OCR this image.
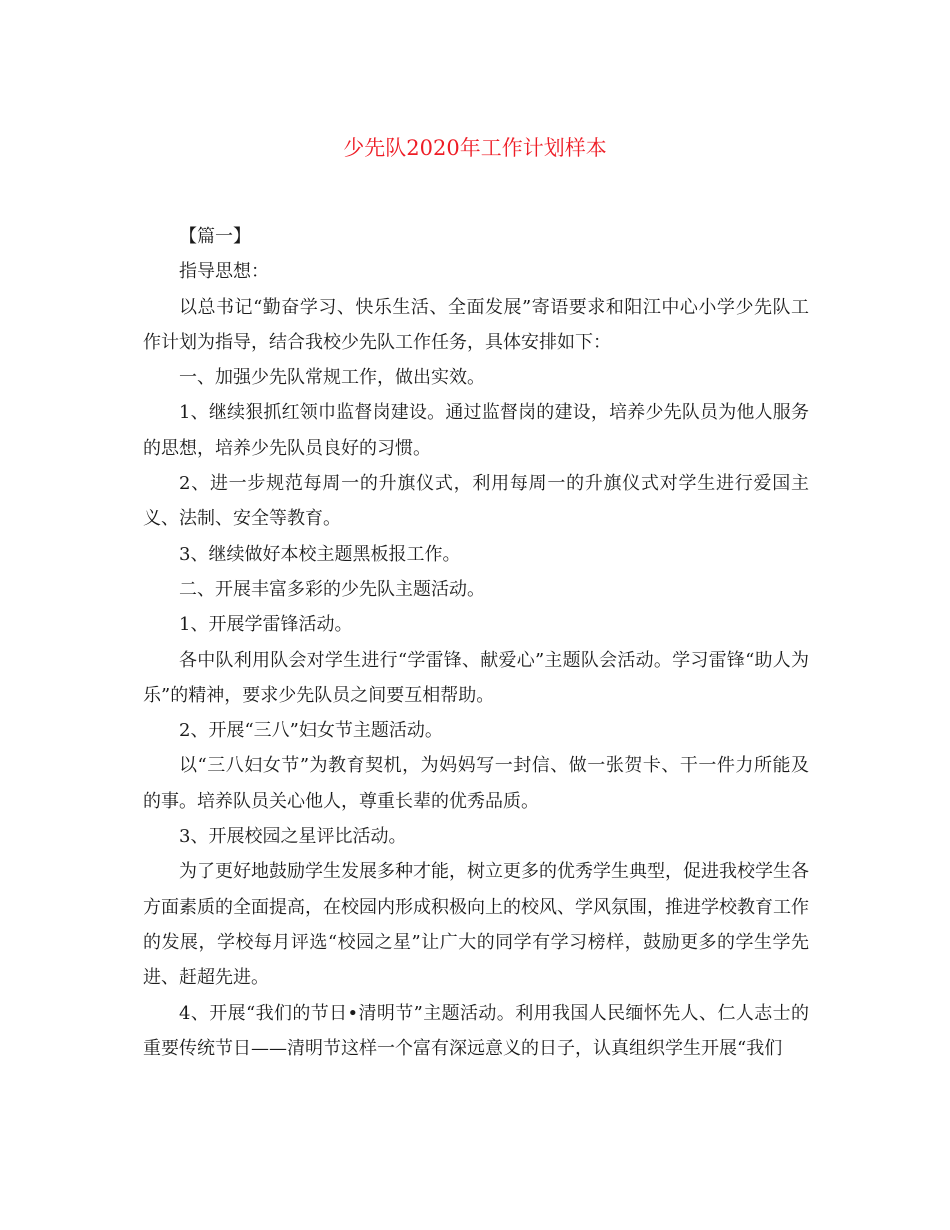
少先队2020年工作计划样本

【篇一】

指导思想：

以总书记“勤奋学习、快乐生活、全面发展”寄语要求和阳江中心小学少先队工作计划为指导，结合我校少先队工作任务，具体安排如下：

一、加强少先队常规工作，做出实效。

1、继续狠抓红领巾监督岗建设。通过监督岗的建设，培养少先队员为他人服务的思想，培养少先队员良好的习惯。

2、进一步规范每周一的升旗仪式，利用每周一的升旗仪式对学生进行爱国主义、法制、安全等教育。

3、继续做好本校主题黑板报工作。

二、开展丰富多彩的少先队主题活动。

1、开展学雷锋活动。

各中队利用队会对学生进行“学雷锋、献爱心”主题队会活动。学习雷锋“助人为乐”的精神，要求少先队员之间要互相帮助。

2、开展“三八”妇女节主题活动。

以“三八妇女节”为教育契机，为妈妈写一封信、做一张贺卡、干一件力所能及的事。培养队员关心他人，尊重长辈的优秀品质。

3、开展校园之星评比活动。

为了更好地鼓励学生发展多种才能，树立更多的优秀学生典型，促进我校学生各方面素质的全面提高，在校园内形成积极向上的校风、学风氛围，推进学校教育工作的发展，学校每月评选“校园之星”让广大的同学有学习榜样，鼓励更多的学生学先进、赶超先进。

4、开展“我们的节日•清明节”主题活动。利用我国人民缅怀先人、仁人志士的重要传统节日——清明节这样一个富有深远意义的日子，认真组织学生开展“我们
